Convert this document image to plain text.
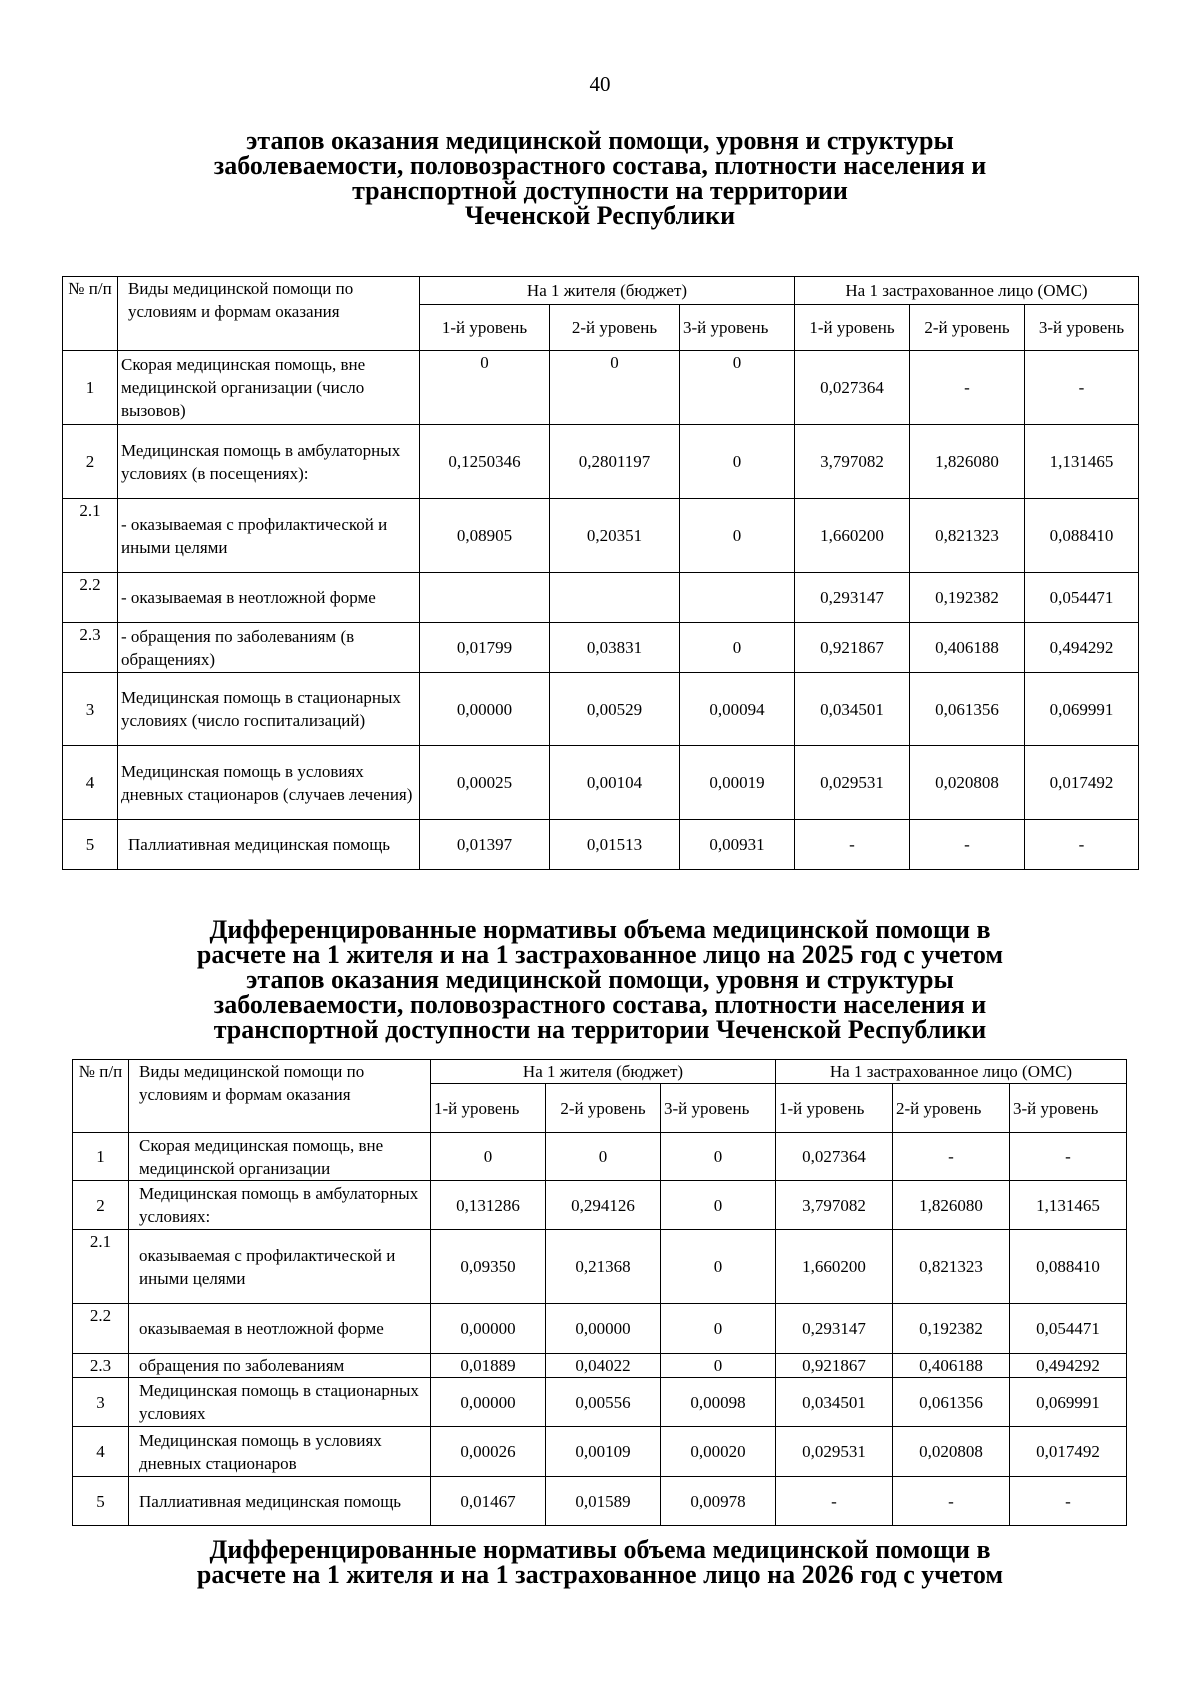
40
этапов оказания медицинской помощи, уровня и структуры
заболеваемости, половозрастного состава, плотности населения и
транспортной доступности на территории
Чеченской Республики
№ п/п	Виды медицинской помощи по условиям и формам оказания	На 1 жителя (бюджет)			На 1 застрахованное лицо (ОМС)		
		1-й уровень	2-й уровень	3-й уровень	1-й уровень	2-й уровень	3-й уровень
1	Скорая медицинская помощь, вне медицинской организации (число вызовов)	0	0	0	0,027364	-	-
2	Медицинская помощь в амбулаторных условиях (в посещениях):	0,1250346	0,2801197	0	3,797082	1,826080	1,131465
2.1	- оказываемая с профилактической и иными целями	0,08905	0,20351	0	1,660200	0,821323	0,088410
2.2	- оказываемая в неотложной форме				0,293147	0,192382	0,054471
2.3	- обращения по заболеваниям (в обращениях)	0,01799	0,03831	0	0,921867	0,406188	0,494292
3	Медицинская помощь в стационарных условиях (число госпитализаций)	0,00000	0,00529	0,00094	0,034501	0,061356	0,069991
4	Медицинская помощь в условиях дневных стационаров (случаев лечения)	0,00025	0,00104	0,00019	0,029531	0,020808	0,017492
5	Паллиативная медицинская помощь	0,01397	0,01513	0,00931	-	-	-
Дифференцированные нормативы объема медицинской помощи в
расчете на 1 жителя и на 1 застрахованное лицо на 2025 год с учетом
этапов оказания медицинской помощи, уровня и структуры
заболеваемости, половозрастного состава, плотности населения и
транспортной доступности на территории Чеченской Республики
№ п/п	Виды медицинской помощи по условиям и формам оказания	На 1 жителя (бюджет)			На 1 застрахованное лицо (ОМС)		
		1-й уровень	2-й уровень	3-й уровень	1-й уровень	2-й уровень	3-й уровень
1	Скорая медицинская помощь, вне медицинской организации	0	0	0	0,027364	-	-
2	Медицинская помощь в амбулаторных условиях:	0,131286	0,294126	0	3,797082	1,826080	1,131465
2.1	оказываемая с профилактической и иными целями	0,09350	0,21368	0	1,660200	0,821323	0,088410
2.2	оказываемая в неотложной форме	0,00000	0,00000	0	0,293147	0,192382	0,054471
2.3	обращения по заболеваниям	0,01889	0,04022	0	0,921867	0,406188	0,494292
3	Медицинская помощь в стационарных условиях	0,00000	0,00556	0,00098	0,034501	0,061356	0,069991
4	Медицинская помощь в условиях дневных стационаров	0,00026	0,00109	0,00020	0,029531	0,020808	0,017492
5	Паллиативная медицинская помощь	0,01467	0,01589	0,00978	-	-	-
Дифференцированные нормативы объема медицинской помощи в
расчете на 1 жителя и на 1 застрахованное лицо на 2026 год с учетом
